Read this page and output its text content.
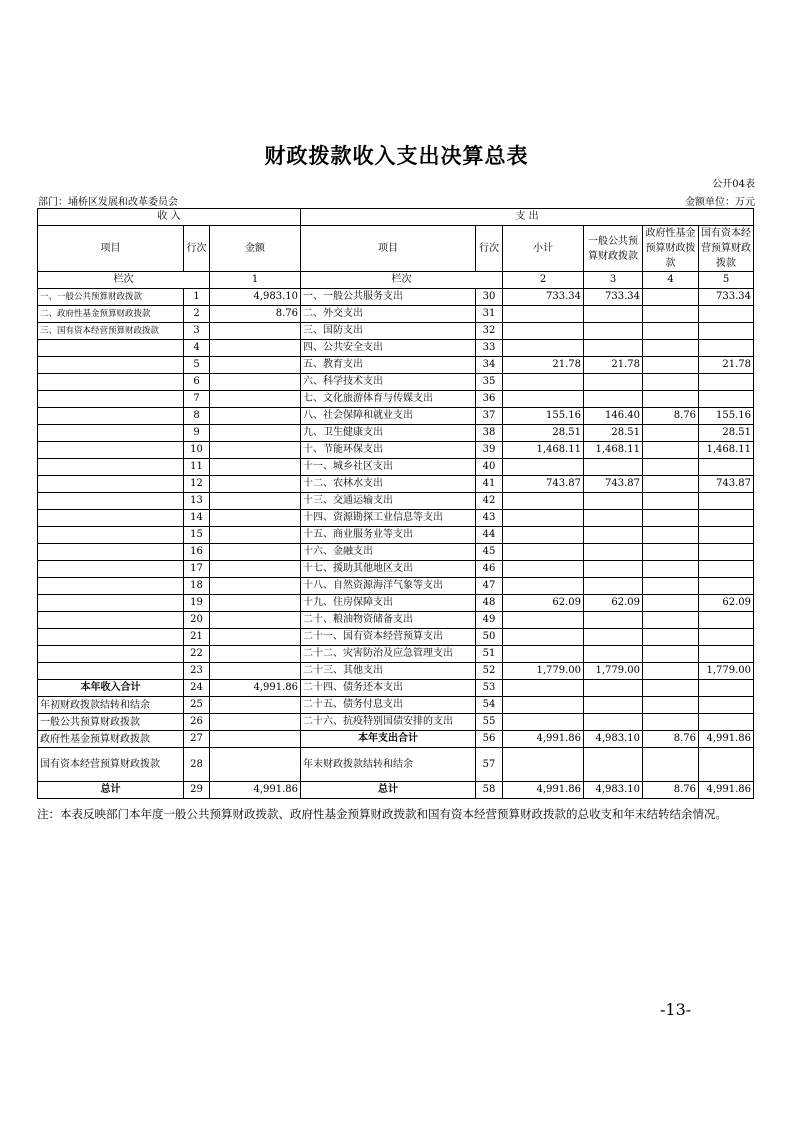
财政拨款收入支出决算总表
公开04表
部门：埇桥区发展和改革委员会	金额单位：万元
收 入			支 出					
项目	行次	金额	项目	行次	小计	一般公共预算财政拨款	政府性基金预算财政拨款	国有资本经营预算财政拨款
栏次		1	栏次		2	3	4	5
一、一般公共预算财政拨款	1	4,983.10	一、一般公共服务支出	30	733.34	733.34		733.34
二、政府性基金预算财政拨款	2	8.76	二、外交支出	31				
三、国有资本经营预算财政拨款	3		三、国防支出	32				
	4		四、公共安全支出	33				
	5		五、教育支出	34	21.78	21.78		21.78
	6		六、科学技术支出	35				
	7		七、文化旅游体育与传媒支出	36				
	8		八、社会保障和就业支出	37	155.16	146.40	8.76	155.16
	9		九、卫生健康支出	38	28.51	28.51		28.51
	10		十、节能环保支出	39	1,468.11	1,468.11		1,468.11
	11		十一、城乡社区支出	40				
	12		十二、农林水支出	41	743.87	743.87		743.87
	13		十三、交通运输支出	42				
	14		十四、资源勘探工业信息等支出	43				
	15		十五、商业服务业等支出	44				
	16		十六、金融支出	45				
	17		十七、援助其他地区支出	46				
	18		十八、自然资源海洋气象等支出	47				
	19		十九、住房保障支出	48	62.09	62.09		62.09
	20		二十、粮油物资储备支出	49				
	21		二十一、国有资本经营预算支出	50				
	22		二十二、灾害防治及应急管理支出	51				
	23		二十三、其他支出	52	1,779.00	1,779.00		1,779.00
本年收入合计	24	4,991.86	二十四、债务还本支出	53				
年初财政拨款结转和结余	25		二十五、债务付息支出	54				
一般公共预算财政拨款	26		二十六、抗疫特别国债安排的支出	55				
政府性基金预算财政拨款	27		本年支出合计	56	4,991.86	4,983.10	8.76	4,991.86
国有资本经营预算财政拨款	28		年末财政拨款结转和结余	57				
总计	29	4,991.86	总计	58	4,991.86	4,983.10	8.76	4,991.86
注：本表反映部门本年度一般公共预算财政拨款、政府性基金预算财政拨款和国有资本经营预算财政拨款的总收支和年末结转结余情况。
-13-
